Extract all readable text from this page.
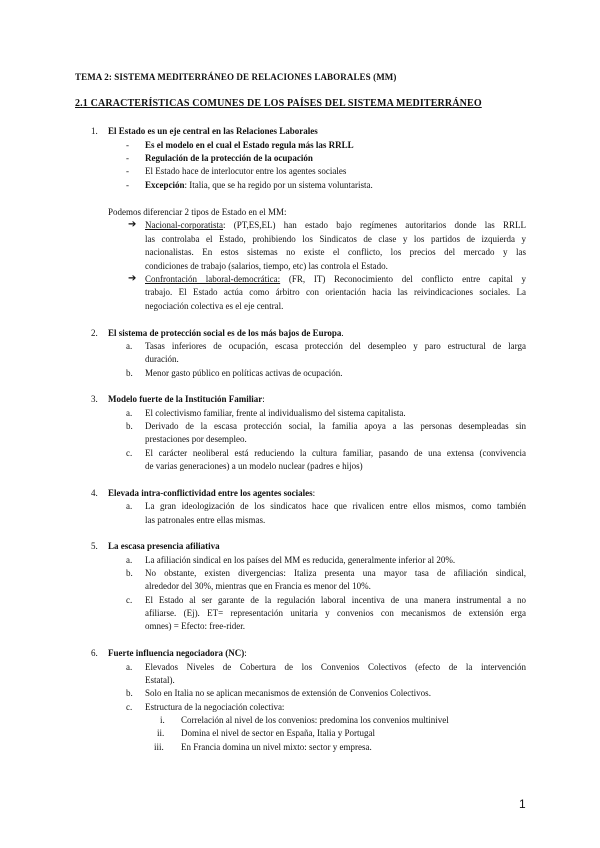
TEMA 2: SISTEMA MEDITERRÁNEO DE RELACIONES LABORALES (MM)
2.1 CARACTERÍSTICAS COMUNES DE LOS PAÍSES DEL SISTEMA MEDITERRÁNEO
1. El Estado es un eje central en las Relaciones Laborales
- Es el modelo en el cual el Estado regula más las RRLL
- Regulación de la protección de la ocupación
- El Estado hace de interlocutor entre los agentes sociales
- Excepción: Italia, que se ha regido por un sistema voluntarista.
Podemos diferenciar 2 tipos de Estado en el MM:
➔ Nacional-corporatista: (PT,ES,EL) han estado bajo regímenes autoritarios donde las RRLL
las controlaba el Estado, prohibiendo los Sindicatos de clase y los partidos de izquierda y
nacionalistas. En estos sistemas no existe el conflicto, los precios del mercado y las
condiciones de trabajo (salarios, tiempo, etc) las controla el Estado.
➔ Confrontación laboral-democrática: (FR, IT) Reconocimiento del conflicto entre capital y
trabajo. El Estado actúa como árbitro con orientación hacia las reivindicaciones sociales. La
negociación colectiva es el eje central.
2. El sistema de protección social es de los más bajos de Europa.
a. Tasas inferiores de ocupación, escasa protección del desempleo y paro estructural de larga
duración.
b. Menor gasto público en políticas activas de ocupación.
3. Modelo fuerte de la Institución Familiar:
a. El colectivismo familiar, frente al individualismo del sistema capitalista.
b. Derivado de la escasa protección social, la familia apoya a las personas desempleadas sin
prestaciones por desempleo.
c. El carácter neoliberal está reduciendo la cultura familiar, pasando de una extensa (convivencia
de varias generaciones) a un modelo nuclear (padres e hijos)
4. Elevada intra-conflictividad entre los agentes sociales:
a. La gran ideologización de los sindicatos hace que rivalicen entre ellos mismos, como también
las patronales entre ellas mismas.
5. La escasa presencia afiliativa
a. La afiliación sindical en los países del MM es reducida, generalmente inferior al 20%.
b. No obstante, existen divergencias: Italiza presenta una mayor tasa de afiliación sindical,
alrededor del 30%, mientras que en Francia es menor del 10%.
c. El Estado al ser garante de la regulación laboral incentiva de una manera instrumental a no
afiliarse. (Ej). ET= representación unitaria y convenios con mecanismos de extensión erga
omnes) = Efecto: free-rider.
6. Fuerte influencia negociadora (NC):
a. Elevados Niveles de Cobertura de los Convenios Colectivos (efecto de la intervención
Estatal).
b. Solo en Italia no se aplican mecanismos de extensión de Convenios Colectivos.
c. Estructura de la negociación colectiva:
i. Correlación al nivel de los convenios: predomina los convenios multinivel
ii. Domina el nivel de sector en España, Italia y Portugal
iii. En Francia domina un nivel mixto: sector y empresa.
1
